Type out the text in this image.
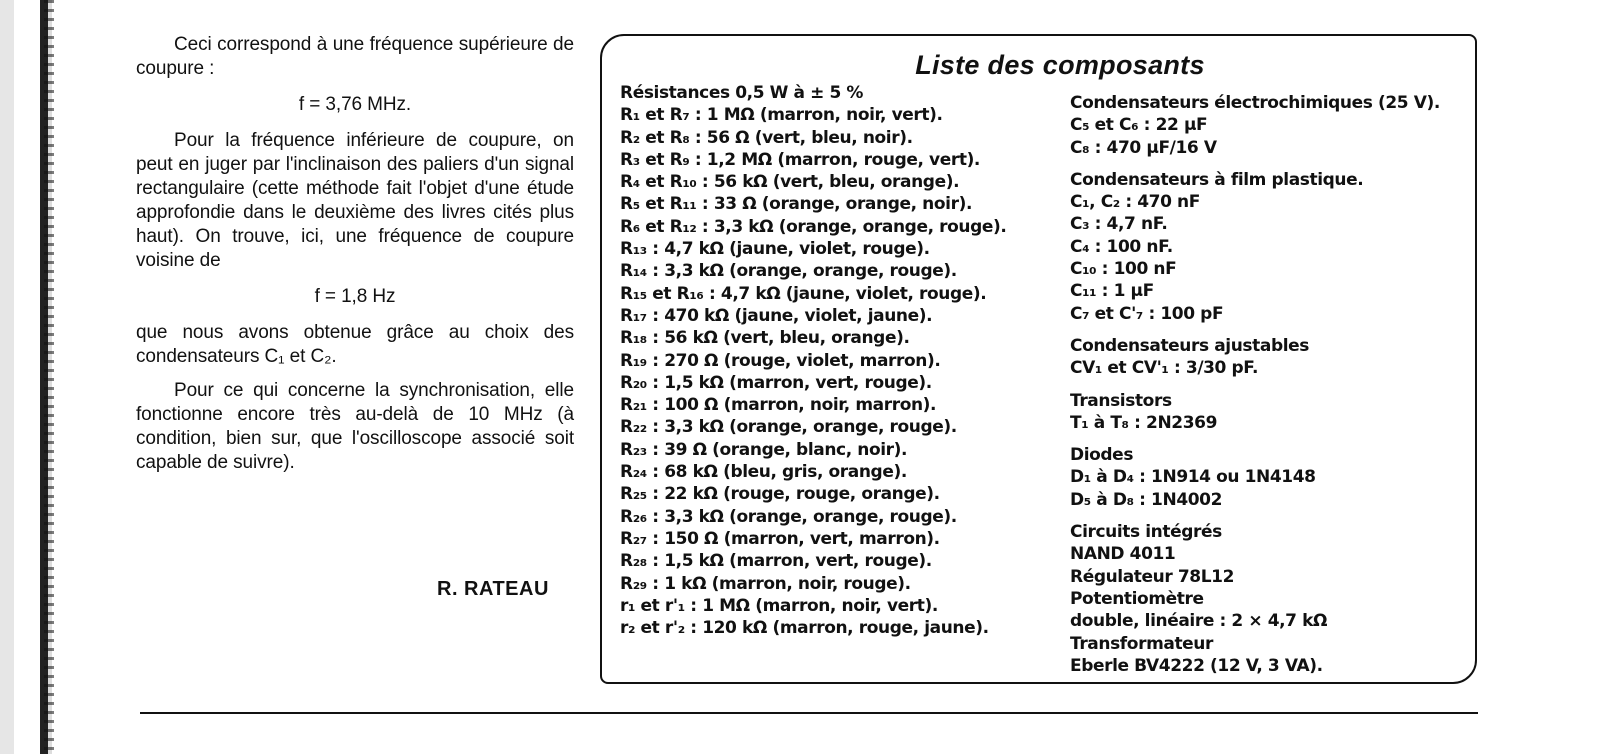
Ceci correspond à une fréquence supérieure de coupure :

f = 3,76 MHz.

Pour la fréquence inférieure de coupure, on peut en juger par l'inclinaison des paliers d'un signal rectangulaire (cette méthode fait l'objet d'une étude approfondie dans le deuxième des livres cités plus haut). On trouve, ici, une fréquence de coupure voisine de

f = 1,8 Hz

que nous avons obtenue grâce au choix des condensateurs C₁ et C₂.

Pour ce qui concerne la synchronisation, elle fonctionne encore très au-delà de 10 MHz (à condition, bien sur, que l'oscilloscope associé soit capable de suivre).

R. RATEAU
Liste des composants
Résistances 0,5 W à ± 5 %
R₁ et R₇ : 1 MΩ (marron, noir, vert).
R₂ et R₈ : 56 Ω (vert, bleu, noir).
R₃ et R₉ : 1,2 MΩ (marron, rouge, vert).
R₄ et R₁₀ : 56 kΩ (vert, bleu, orange).
R₅ et R₁₁ : 33 Ω (orange, orange, noir).
R₆ et R₁₂ : 3,3 kΩ (orange, orange, rouge).
R₁₃ : 4,7 kΩ (jaune, violet, rouge).
R₁₄ : 3,3 kΩ (orange, orange, rouge).
R₁₅ et R₁₆ : 4,7 kΩ (jaune, violet, rouge).
R₁₇ : 470 kΩ (jaune, violet, jaune).
R₁₈ : 56 kΩ (vert, bleu, orange).
R₁₉ : 270 Ω (rouge, violet, marron).
R₂₀ : 1,5 kΩ (marron, vert, rouge).
R₂₁ : 100 Ω (marron, noir, marron).
R₂₂ : 3,3 kΩ (orange, orange, rouge).
R₂₃ : 39 Ω (orange, blanc, noir).
R₂₄ : 68 kΩ (bleu, gris, orange).
R₂₅ : 22 kΩ (rouge, rouge, orange).
R₂₆ : 3,3 kΩ (orange, orange, rouge).
R₂₇ : 150 Ω (marron, vert, marron).
R₂₈ : 1,5 kΩ (marron, vert, rouge).
R₂₉ : 1 kΩ (marron, noir, rouge).
r₁ et r'₁ : 1 MΩ (marron, noir, vert).
r₂ et r'₂ : 120 kΩ (marron, rouge, jaune).
Condensateurs électrochimiques (25 V).
C₅ et C₆ : 22 µF
C₈ : 470 µF/16 V
Condensateurs à film plastique.
C₁, C₂ : 470 nF
C₃ : 4,7 nF.
C₄ : 100 nF.
C₁₀ : 100 nF
C₁₁ : 1 µF
C₇ et C'₇ : 100 pF
Condensateurs ajustables
CV₁ et CV'₁ : 3/30 pF.
Transistors
T₁ à T₈ : 2N2369
Diodes
D₁ à D₄ : 1N914 ou 1N4148
D₅ à D₈ : 1N4002
Circuits intégrés
NAND 4011
Régulateur 78L12
Potentiomètre
double, linéaire : 2 × 4,7 kΩ
Transformateur
Eberle BV4222 (12 V, 3 VA).
